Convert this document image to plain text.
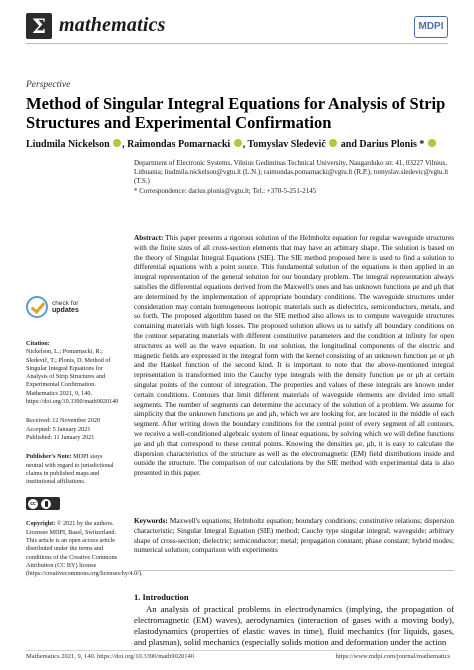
Σ mathematics	MDPI
Perspective
Method of Singular Integral Equations for Analysis of Strip Structures and Experimental Confirmation
Liudmila Nickelson , Raimondas Pomarnacki , Tomyslav Sledevič  and Darius Plonis *
Department of Electronic Systems, Vilnius Gediminas Technical University, Naugarduko str. 41, 03227 Vilnius, Lithuania; liudmila.nickelson@vgtu.lt (L.N.); raimondas.pomarnacki@vgtu.lt (R.P.); tomyslav.sledevic@vgtu.lt (T.S.)
* Correspondence: darius.plonis@vgtu.lt; Tel.: +370-5-251-2145
Abstract: This paper presents a rigorous solution of the Helmholtz equation for regular waveguide structures with the finite sizes of all cross-section elements that may have an arbitrary shape. The solution is based on the theory of Singular Integral Equations (SIE). The SIE method proposed here is used to find a solution to differential equations with a point source. This fundamental solution of the equations is then applied in an integral representation of the general solution for our boundary problem. The integral representation always satisfies the differential equations derived from the Maxwell's ones and has unknown functions μe and μh that are determined by the implementation of appropriate boundary conditions. The waveguide structures under consideration may contain homogeneous isotropic materials such as dielectrics, semiconductors, metals, and so forth. The proposed algorithm based on the SIE method also allows us to compute waveguide structures containing materials with high losses. The proposed solution allows us to satisfy all boundary conditions on the contour separating materials with different constitutive parameters and the condition at infinity for open structures as well as the wave equation. In our solution, the longitudinal components of the electric and magnetic fields are expressed in the integral form with the kernel consisting of an unknown function μe or μh and the Hankel function of the second kind. It is important to note that the above-mentioned integral representation is transformed into the Cauchy type integrals with the density function μe or μh at certain singular points of the contour of integration. The properties and values of these integrals are known under certain conditions. Contours that limit different materials of waveguide elements are divided into small segments. The number of segments can determine the accuracy of the solution of a problem. We assume for simplicity that the unknown functions μe and μh, which we are looking for, are located in the middle of each segment. After writing down the boundary conditions for the central point of every segment of all contours, we receive a well-conditioned algebraic system of linear equations, by solving which we will define functions μe and μh that correspond to these central points. Knowing the densities μe, μh, it is easy to calculate the dispersion characteristics of the structure as well as the electromagnetic (EM) field distributions inside and outside the structure. The comparison of our calculations by the SIE method with experimental data is also presented in this paper.
Keywords: Maxwell's equations; Helmholtz equation; boundary conditions; constitutive relations; dispersion characteristic; Singular Integral Equation (SIE) method; Cauchy type singular integral; waveguide; arbitrary shape of cross-section; dielectric; semiconductor; metal; propagation constant; phase constant; hybrid modes; numerical solution; comparison with experiments
check for
updates
Citation:
Nickelson, L.; Pomarnacki, R.; Sledevič, T.; Plonis, D. Method of Singular Integral Equations for Analysis of Strip Structures and Experimental Confirmation. Mathematics 2021, 9, 140. https://doi.org/10.3390/math9020140
Received: 12 November 2020
Accepted: 5 January 2021
Published: 11 January 2021
Publisher's Note: MDPI stays neutral with regard to jurisdictional claims in published maps and institutional affiliations.
cc
Copyright: © 2021 by the authors. Licensee MDPI, Basel, Switzerland. This article is an open access article distributed under the terms and conditions of the Creative Commons Attribution (CC BY) license (https://creativecommons.org/licenses/by/4.0/).
1. Introduction
An analysis of practical problems in electrodynamics (implying, the propagation of electromagnetic (EM) waves), aerodynamics (interaction of gases with a moving body), elastodynamics (properties of elastic waves in time), fluid mechanics (for liquids, gases, and plasmas), solid mechanics (especially solids motion and deformation under the action
Mathematics 2021, 9, 140. https://doi.org/10.3390/math9020140	https://www.mdpi.com/journal/mathematics
